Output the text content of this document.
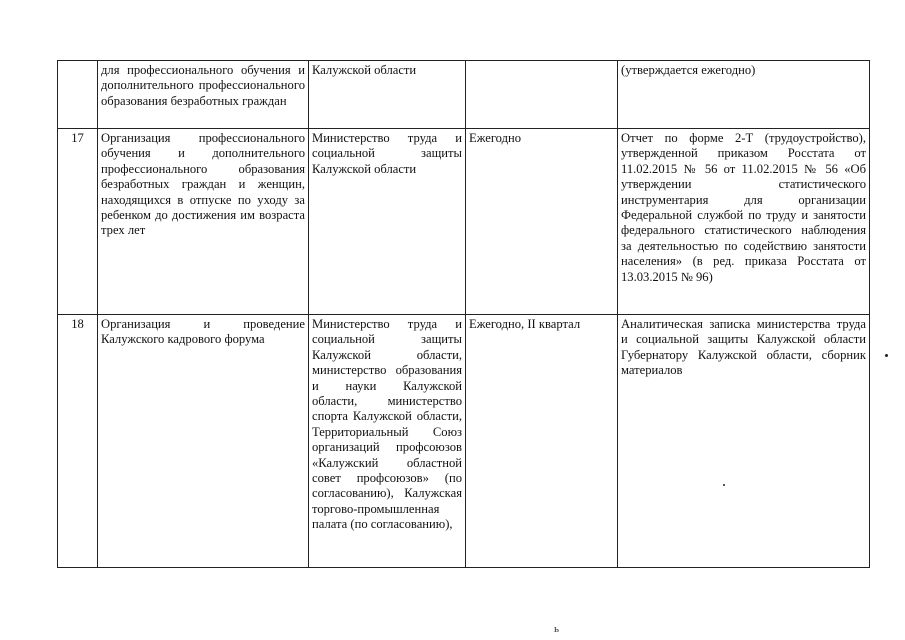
	для профессионального обучения и дополнительного профессионального образования безработных граждан	Калужской области		(утверждается ежегодно)
17	Организация профессионального обучения и дополнительного профессионального образования безработных граждан и женщин, находящихся в отпуске по уходу за ребенком до достижения им возраста трех лет	Министерство труда и социальной защиты Калужской области	Ежегодно	Отчет по форме 2-Т (трудоустройство), утвержденной приказом Росстата от 11.02.2015 № 56 от 11.02.2015 № 56 «Об утверждении статистического инструментария для организации Федеральной службой по труду и занятости федерального статистического наблюдения за деятельностью по содействию занятости населения» (в ред. приказа Росстата от 13.03.2015 № 96)
18	Организация и проведение Калужского кадрового форума	Министерство труда и социальной защиты Калужской области, министерство образования и науки Калужской области, министерство спорта Калужской области, Территориальный Союз организаций профсоюзов «Калужский областной совет профсоюзов» (по согласованию), Калужская торгово-промышленная палата (по согласованию),	Ежегодно, II квартал	Аналитическая записка министерства труда и социальной защиты Калужской области Губернатору Калужской области, сборник материалов
ь
